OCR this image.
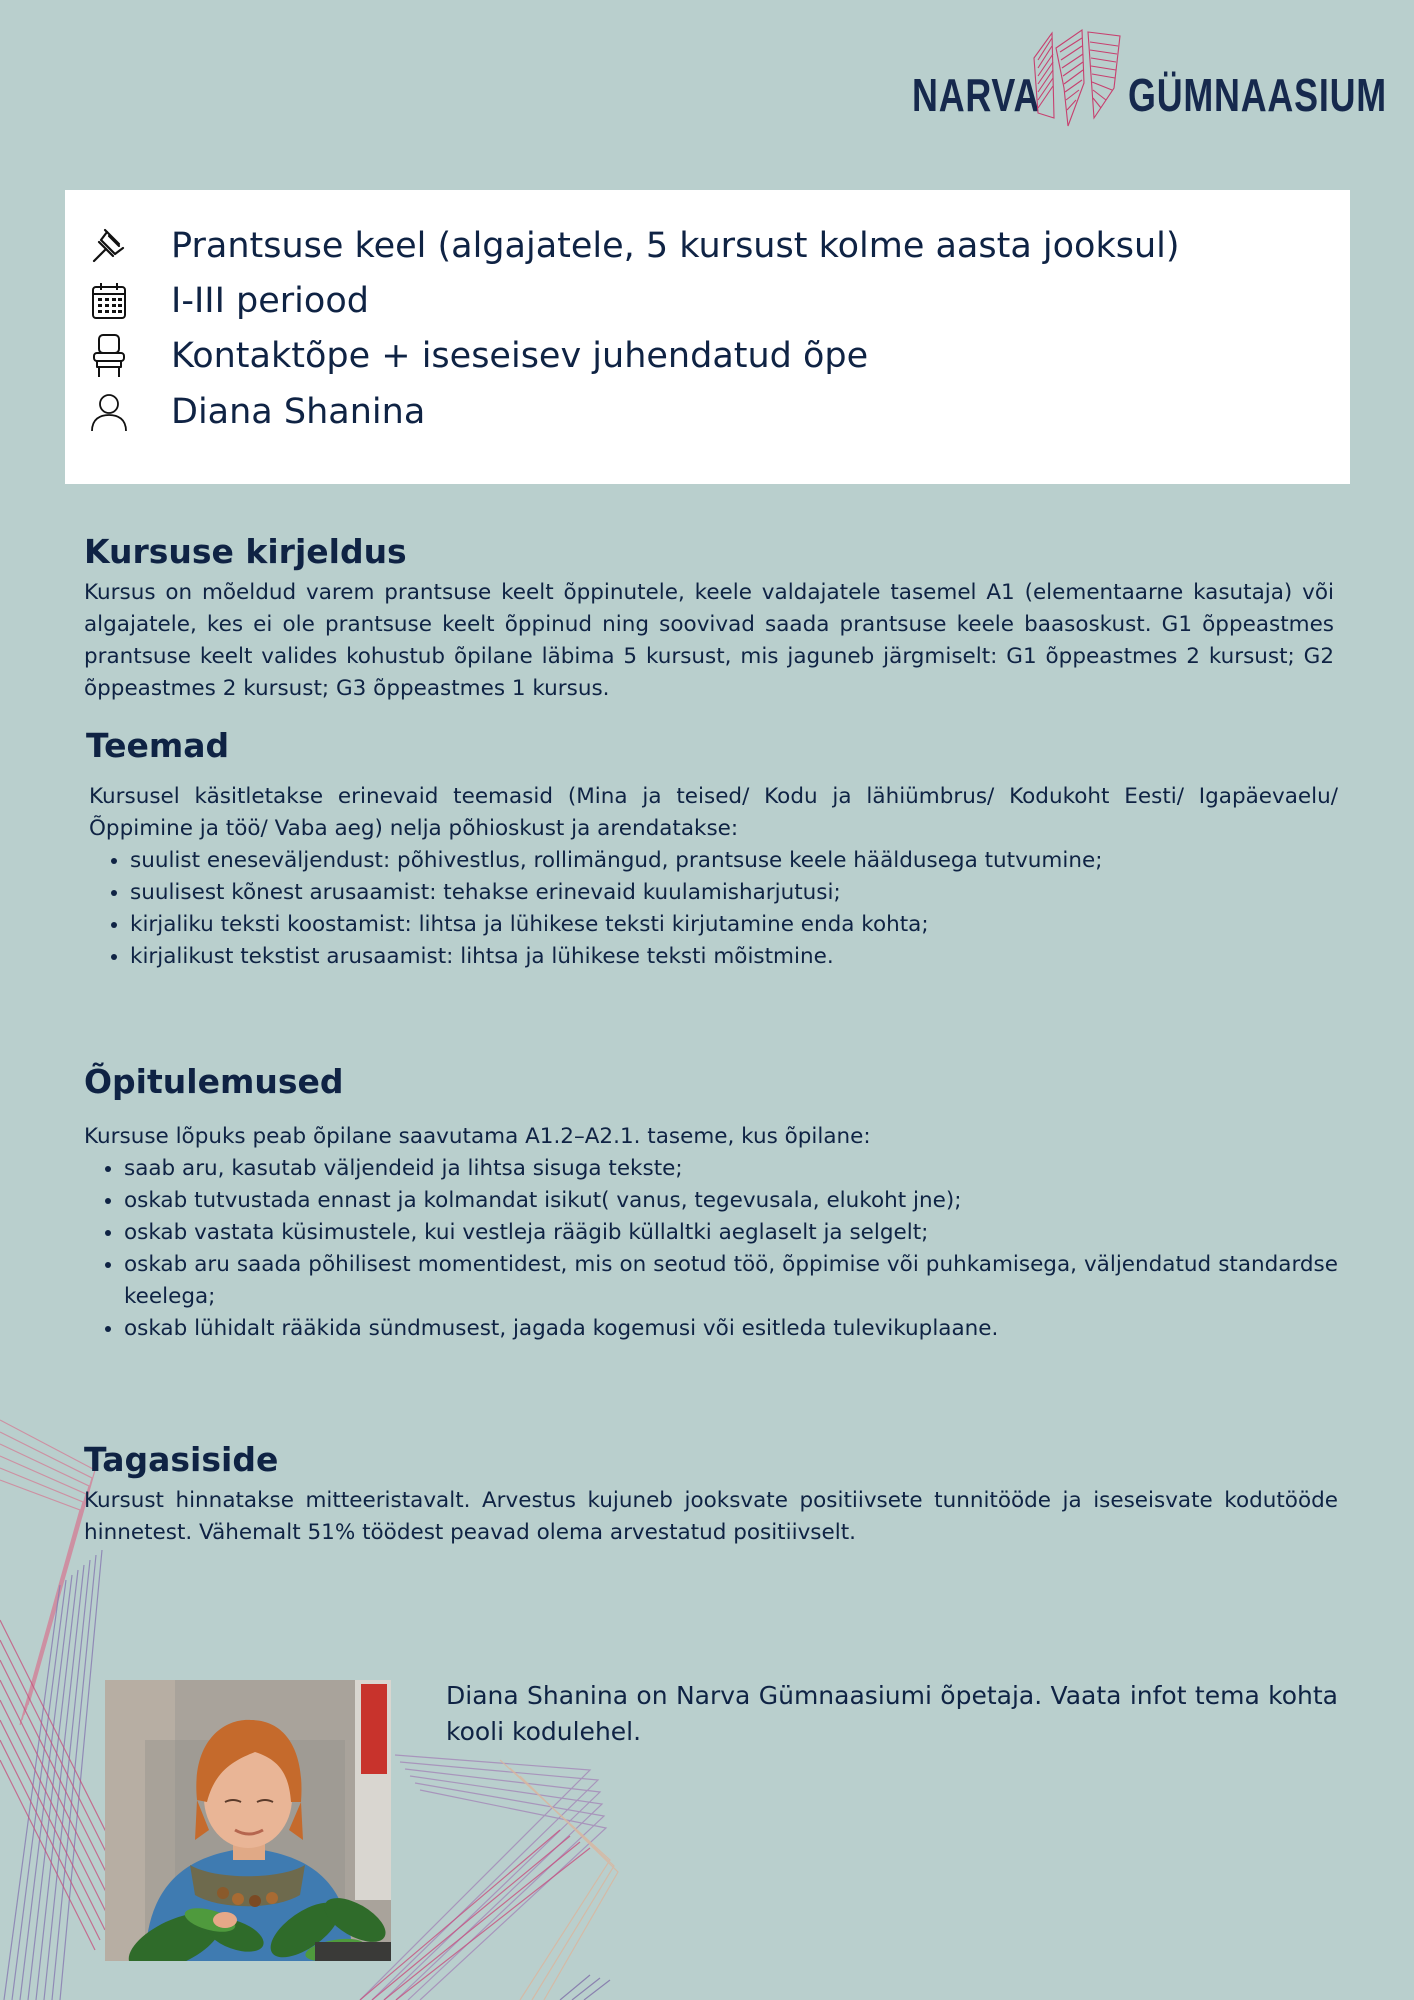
NARVA GÜMNAASIUM
Prantsuse keel (algajatele, 5 kursust kolme aasta jooksul)
I-III periood
Kontaktõpe + iseseisev juhendatud õpe
Diana Shanina
Kursuse kirjeldus

Kursus on mõeldud varem prantsuse keelt õppinutele, keele valdajatele tasemel A1 (elementaarne kasutaja) või algajatele, kes ei ole prantsuse keelt õppinud ning soovivad saada prantsuse keele baasoskust. G1 õppeastmes prantsuse keelt valides kohustub õpilane läbima 5 kursust, mis jaguneb järgmiselt: G1 õppeastmes 2 kursust; G2 õppeastmes 2 kursust; G3 õppeastmes 1 kursus.

Teemad

Kursusel käsitletakse erinevaid teemasid (Mina ja teised/ Kodu ja lähiümbrus/ Kodukoht Eesti/ Igapäevaelu/ Õppimine ja töö/ Vaba aeg) nelja põhioskust ja arendatakse:

• suulist eneseväljendust: põhivestlus, rollimängud, prantsuse keele hääldusega tutvumine;
• suulisest kõnest arusaamist: tehakse erinevaid kuulamisharjutusi;
• kirjaliku teksti koostamist: lihtsa ja lühikese teksti kirjutamine enda kohta;
• kirjalikust tekstist arusaamist: lihtsa ja lühikese teksti mõistmine.
Õpitulemused

Kursuse lõpuks peab õpilane saavutama A1.2–A2.1. taseme, kus õpilane:

• saab aru, kasutab väljendeid ja lihtsa sisuga tekste;
• oskab tutvustada ennast ja kolmandat isikut( vanus, tegevusala, elukoht jne);
• oskab vastata küsimustele, kui vestleja räägib küllaltki aeglaselt ja selgelt;
• oskab aru saada põhilisest momentidest, mis on seotud töö, õppimise või puhkamisega, väljendatud standardse keelega;
• oskab lühidalt rääkida sündmusest, jagada kogemusi või esitleda tulevikuplaane.
Tagasiside

Kursust hinnatakse mitteeristavalt. Arvestus kujuneb jooksvate positiivsete tunnitööde ja iseseisvate kodutööde hinnetest. Vähemalt 51% töödest peavad olema arvestatud positiivselt.

Diana Shanina on Narva Gümnaasiumi õpetaja. Vaata infot tema kohta kooli kodulehel.
